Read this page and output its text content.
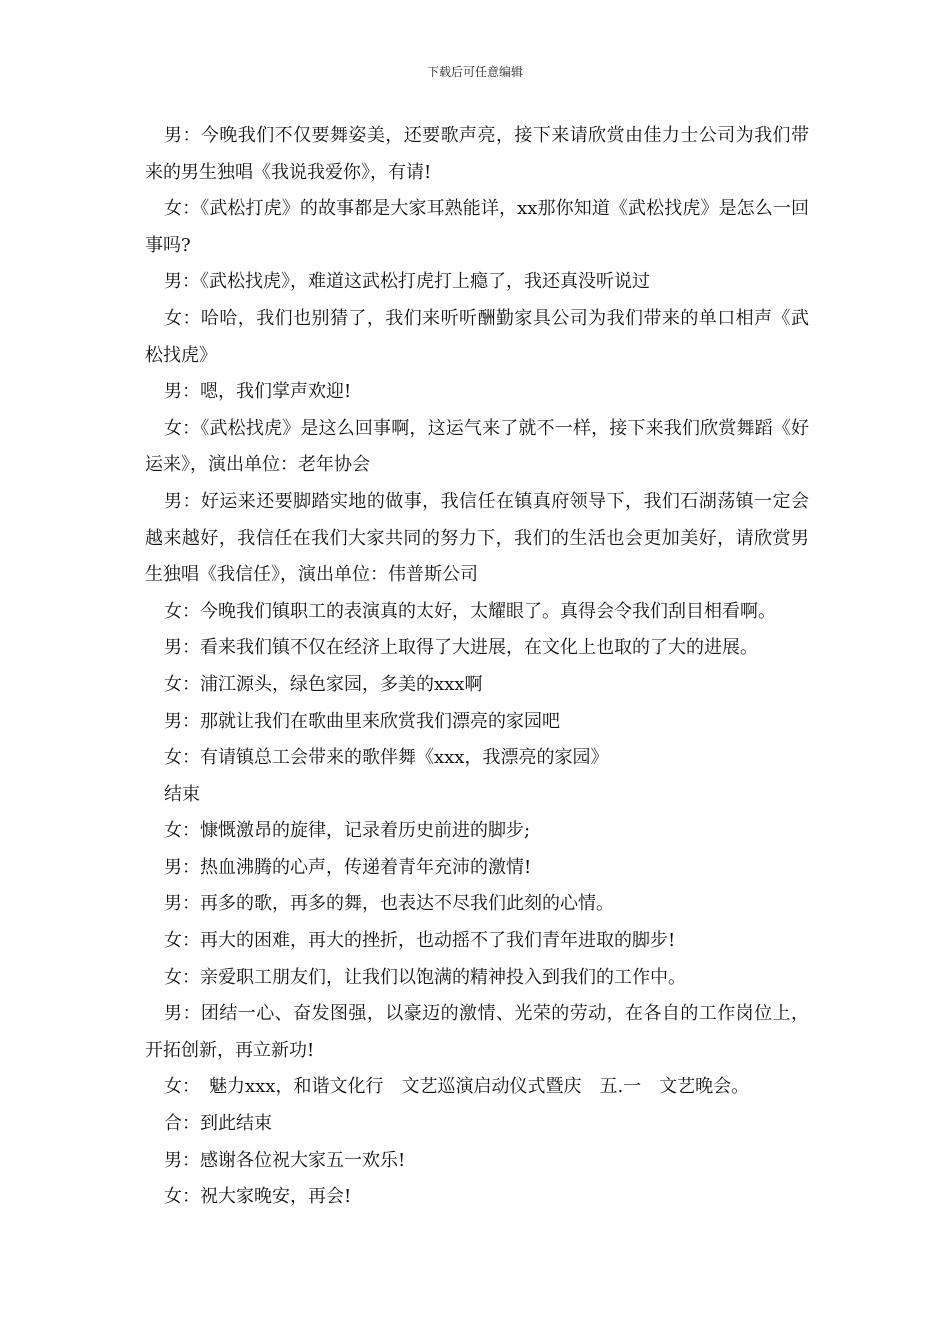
下载后可任意编辑

男：今晚我们不仅要舞姿美，还要歌声亮，接下来请欣赏由佳力士公司为我们带来的男生独唱《我说我爱你》，有请!

女：《武松打虎》的故事都是大家耳熟能详，xx那你知道《武松找虎》是怎么一回事吗?

男：《武松找虎》，难道这武松打虎打上瘾了，我还真没听说过

女：哈哈，我们也别猜了，我们来听听酬勤家具公司为我们带来的单口相声《武松找虎》

男：嗯，我们掌声欢迎!

女：《武松找虎》是这么回事啊，这运气来了就不一样，接下来我们欣赏舞蹈《好运来》，演出单位：老年协会

男：好运来还要脚踏实地的做事，我信任在镇真府领导下，我们石湖荡镇一定会越来越好，我信任在我们大家共同的努力下，我们的生活也会更加美好，请欣赏男生独唱《我信任》，演出单位：伟普斯公司

女：今晚我们镇职工的表演真的太好，太耀眼了。真得会令我们刮目相看啊。

男：看来我们镇不仅在经济上取得了大进展，在文化上也取的了大的进展。

女：浦江源头，绿色家园，多美的xxx啊

男：那就让我们在歌曲里来欣赏我们漂亮的家园吧

女：有请镇总工会带来的歌伴舞《xxx，我漂亮的家园》

结束

女：慷慨激昂的旋律，记录着历史前进的脚步;

男：热血沸腾的心声，传递着青年充沛的激情!

男：再多的歌，再多的舞，也表达不尽我们此刻的心情。

女：再大的困难，再大的挫折，也动摇不了我们青年进取的脚步!

女：亲爱职工朋友们，让我们以饱满的精神投入到我们的工作中。

男：团结一心、奋发图强，以豪迈的激情、光荣的劳动，在各自的工作岗位上，开拓创新，再立新功!

女：　魅力xxx，和谐文化行　文艺巡演启动仪式暨庆　五.一　文艺晚会。

合：到此结束

男：感谢各位祝大家五一欢乐!

女：祝大家晚安，再会!
